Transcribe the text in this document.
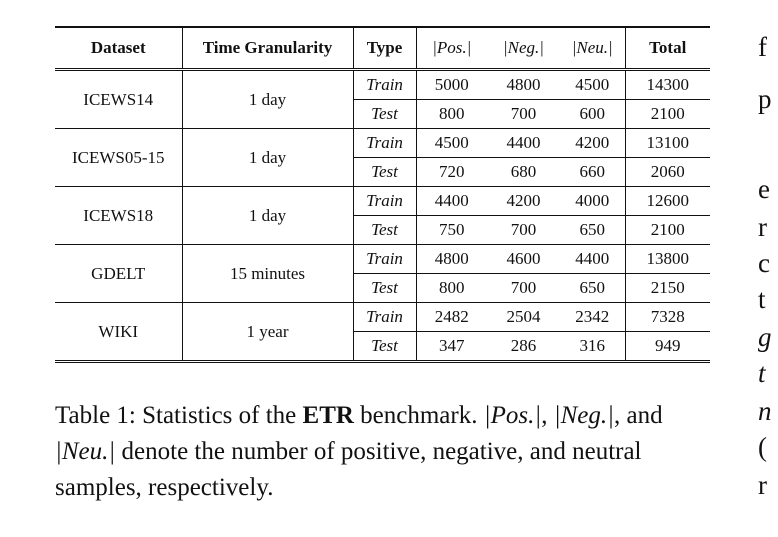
Dataset	Time Granularity	Type	|Pos.|	|Neg.|	|Neu.|	Total
ICEWS14	1 day	Train	5000	4800	4500	14300
		Test	800	700	600	2100
ICEWS05-15	1 day	Train	4500	4400	4200	13100
		Test	720	680	660	2060
ICEWS18	1 day	Train	4400	4200	4000	12600
		Test	750	700	650	2100
GDELT	15 minutes	Train	4800	4600	4400	13800
		Test	800	700	650	2150
WIKI	1 year	Train	2482	2504	2342	7328
		Test	347	286	316	949
Table 1: Statistics of the ETR benchmark. |Pos.|, |Neg.|, and |Neu.| denote the number of positive, negative, and neutral samples, respectively.
f
p
e
r
c
t
g
t
n
(
r
